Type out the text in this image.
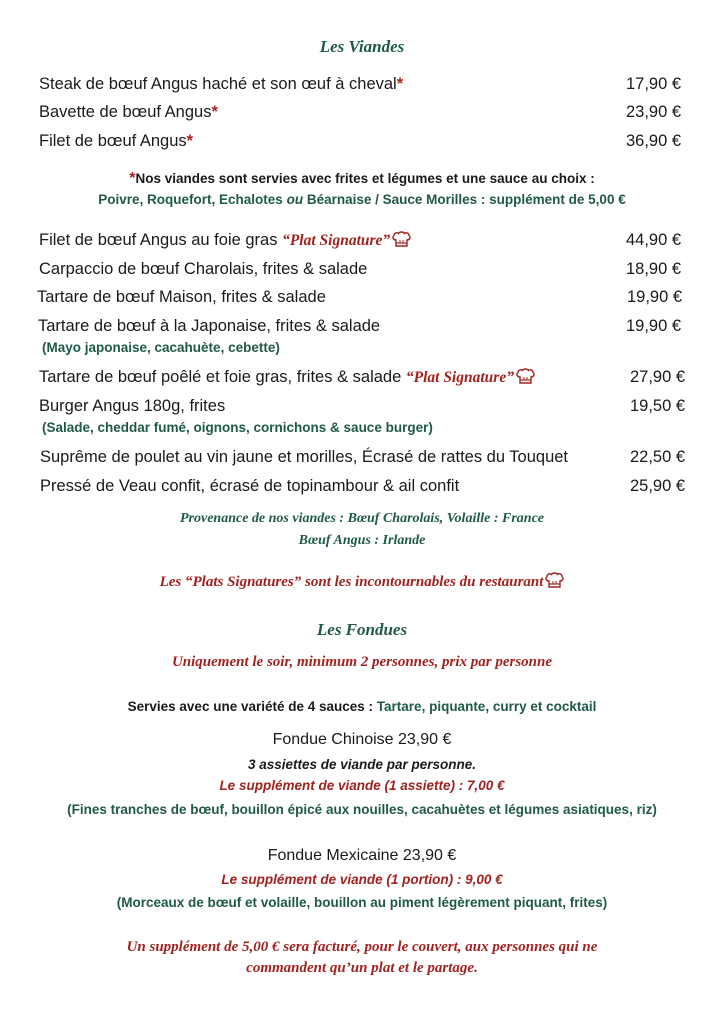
Les Viandes
Steak de bœuf Angus haché et son œuf à cheval*	17,90 €
Bavette de bœuf Angus*	23,90 €
Filet de bœuf Angus*	36,90 €
*Nos viandes sont servies avec frites et légumes et une sauce au choix :
Poivre, Roquefort, Echalotes ou Béarnaise / Sauce Morilles : supplément de 5,00 €
Filet de bœuf Angus au foie gras “Plat Signature”	44,90 €
Carpaccio de bœuf Charolais, frites & salade	18,90 €
Tartare de bœuf Maison, frites & salade	19,90 €
Tartare de bœuf à la Japonaise, frites & salade	19,90 €
(Mayo japonaise, cacahuète, cebette)
Tartare de bœuf poêlé et foie gras, frites & salade “Plat Signature”	27,90 €
Burger Angus 180g, frites	19,50 €
(Salade, cheddar fumé, oignons, cornichons & sauce burger)
Suprême de poulet au vin jaune et morilles, Écrasé de rattes du Touquet	22,50 €
Pressé de Veau confit, écrasé de topinambour & ail confit	25,90 €
Provenance de nos viandes : Bœuf Charolais, Volaille : France
Bœuf Angus : Irlande
Les “Plats Signatures” sont les incontournables du restaurant
Les Fondues
Uniquement le soir, minimum 2 personnes, prix par personne
Servies avec une variété de 4 sauces : Tartare, piquante, curry et cocktail
Fondue Chinoise 23,90 €
3 assiettes de viande par personne.
Le supplément de viande (1 assiette) : 7,00 €
(Fines tranches de bœuf, bouillon épicé aux nouilles, cacahuètes et légumes asiatiques, riz)
Fondue Mexicaine 23,90 €
Le supplément de viande (1 portion) : 9,00 €
(Morceaux de bœuf et volaille, bouillon au piment légèrement piquant, frites)
Un supplément de 5,00 € sera facturé, pour le couvert, aux personnes qui ne
commandent qu’un plat et le partage.
